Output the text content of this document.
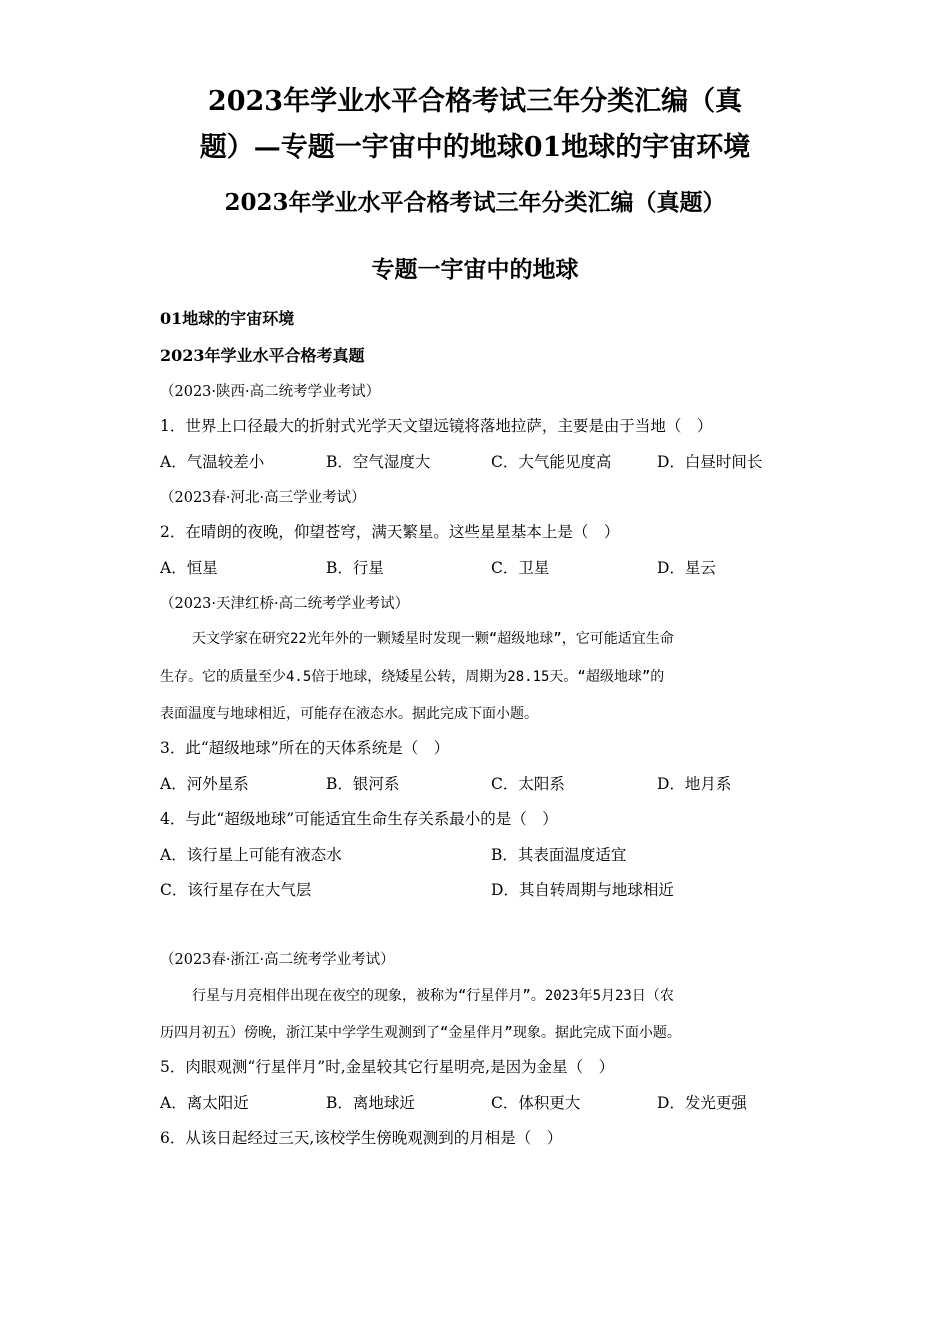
2023年学业水平合格考试三年分类汇编（真
题）—专题一宇宙中的地球01地球的宇宙环境
2023年学业水平合格考试三年分类汇编（真题）
专题一宇宙中的地球
01地球的宇宙环境
2023年学业水平合格考真题
（2023·陕西·高二统考学业考试）
1．世界上口径最大的折射式光学天文望远镜将落地拉萨，主要是由于当地（　）
A．气温较差小	B．空气湿度大	C．大气能见度高	D．白昼时间长
（2023春·河北·高三学业考试）
2．在晴朗的夜晚，仰望苍穹，满天繁星。这些星星基本上是（　）
A．恒星	B．行星	C．卫星	D．星云
（2023·天津红桥·高二统考学业考试）
天文学家在研究22光年外的一颗矮星时发现一颗“超级地球”，它可能适宜生命
生存。它的质量至少4.5倍于地球，绕矮星公转，周期为28.15天。“超级地球”的
表面温度与地球相近，可能存在液态水。据此完成下面小题。
3．此“超级地球”所在的天体系统是（　）
A．河外星系	B．银河系	C．太阳系	D．地月系
4．与此“超级地球”可能适宜生命生存关系最小的是（　）
A．该行星上可能有液态水	B．其表面温度适宜
C．该行星存在大气层	D．其自转周期与地球相近
（2023春·浙江·高二统考学业考试）
行星与月亮相伴出现在夜空的现象，被称为“行星伴月”。2023年5月23日（农
历四月初五）傍晚，浙江某中学学生观测到了“金星伴月”现象。据此完成下面小题。
5．肉眼观测“行星伴月”时,金星较其它行星明亮,是因为金星（　）
A．离太阳近	B．离地球近	C．体积更大	D．发光更强
6．从该日起经过三天,该校学生傍晚观测到的月相是（　）
